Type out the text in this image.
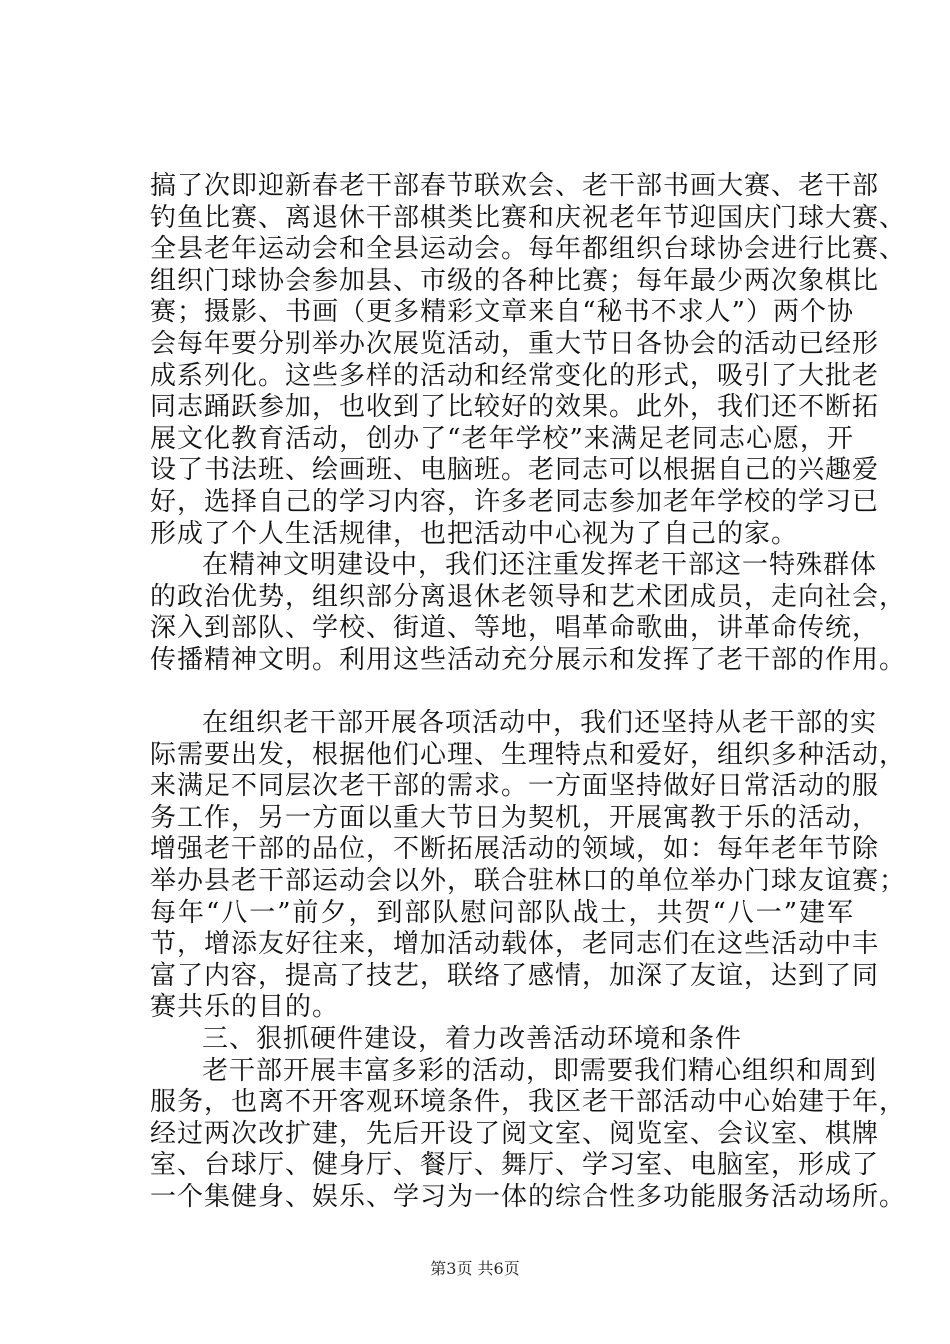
搞了次即迎新春老干部春节联欢会、老干部书画大赛、老干部
钓鱼比赛、离退休干部棋类比赛和庆祝老年节迎国庆门球大赛、
全县老年运动会和全县运动会。每年都组织台球协会进行比赛、
组织门球协会参加县、市级的各种比赛；每年最少两次象棋比
赛；摄影、书画（更多精彩文章来自“秘书不求人”）两个协
会每年要分别举办次展览活动，重大节日各协会的活动已经形
成系列化。这些多样的活动和经常变化的形式，吸引了大批老
同志踊跃参加，也收到了比较好的效果。此外，我们还不断拓
展文化教育活动，创办了“老年学校”来满足老同志心愿，开
设了书法班、绘画班、电脑班。老同志可以根据自己的兴趣爱
好，选择自己的学习内容，许多老同志参加老年学校的学习已
形成了个人生活规律，也把活动中心视为了自己的家。
在精神文明建设中，我们还注重发挥老干部这一特殊群体
的政治优势，组织部分离退休老领导和艺术团成员，走向社会，
深入到部队、学校、街道、等地，唱革命歌曲，讲革命传统，
传播精神文明。利用这些活动充分展示和发挥了老干部的作用。
在组织老干部开展各项活动中，我们还坚持从老干部的实
际需要出发，根据他们心理、生理特点和爱好，组织多种活动，
来满足不同层次老干部的需求。一方面坚持做好日常活动的服
务工作，另一方面以重大节日为契机，开展寓教于乐的活动，
增强老干部的品位，不断拓展活动的领域，如：每年老年节除
举办县老干部运动会以外，联合驻林口的单位举办门球友谊赛；
每年“八一”前夕，到部队慰问部队战士，共贺“八一”建军
节，增添友好往来，增加活动载体，老同志们在这些活动中丰
富了内容，提高了技艺，联络了感情，加深了友谊，达到了同
赛共乐的目的。
三、狠抓硬件建设，着力改善活动环境和条件
老干部开展丰富多彩的活动，即需要我们精心组织和周到
服务，也离不开客观环境条件，我区老干部活动中心始建于年，
经过两次改扩建，先后开设了阅文室、阅览室、会议室、棋牌
室、台球厅、健身厅、餐厅、舞厅、学习室、电脑室，形成了
一个集健身、娱乐、学习为一体的综合性多功能服务活动场所。
第3页 共6页
